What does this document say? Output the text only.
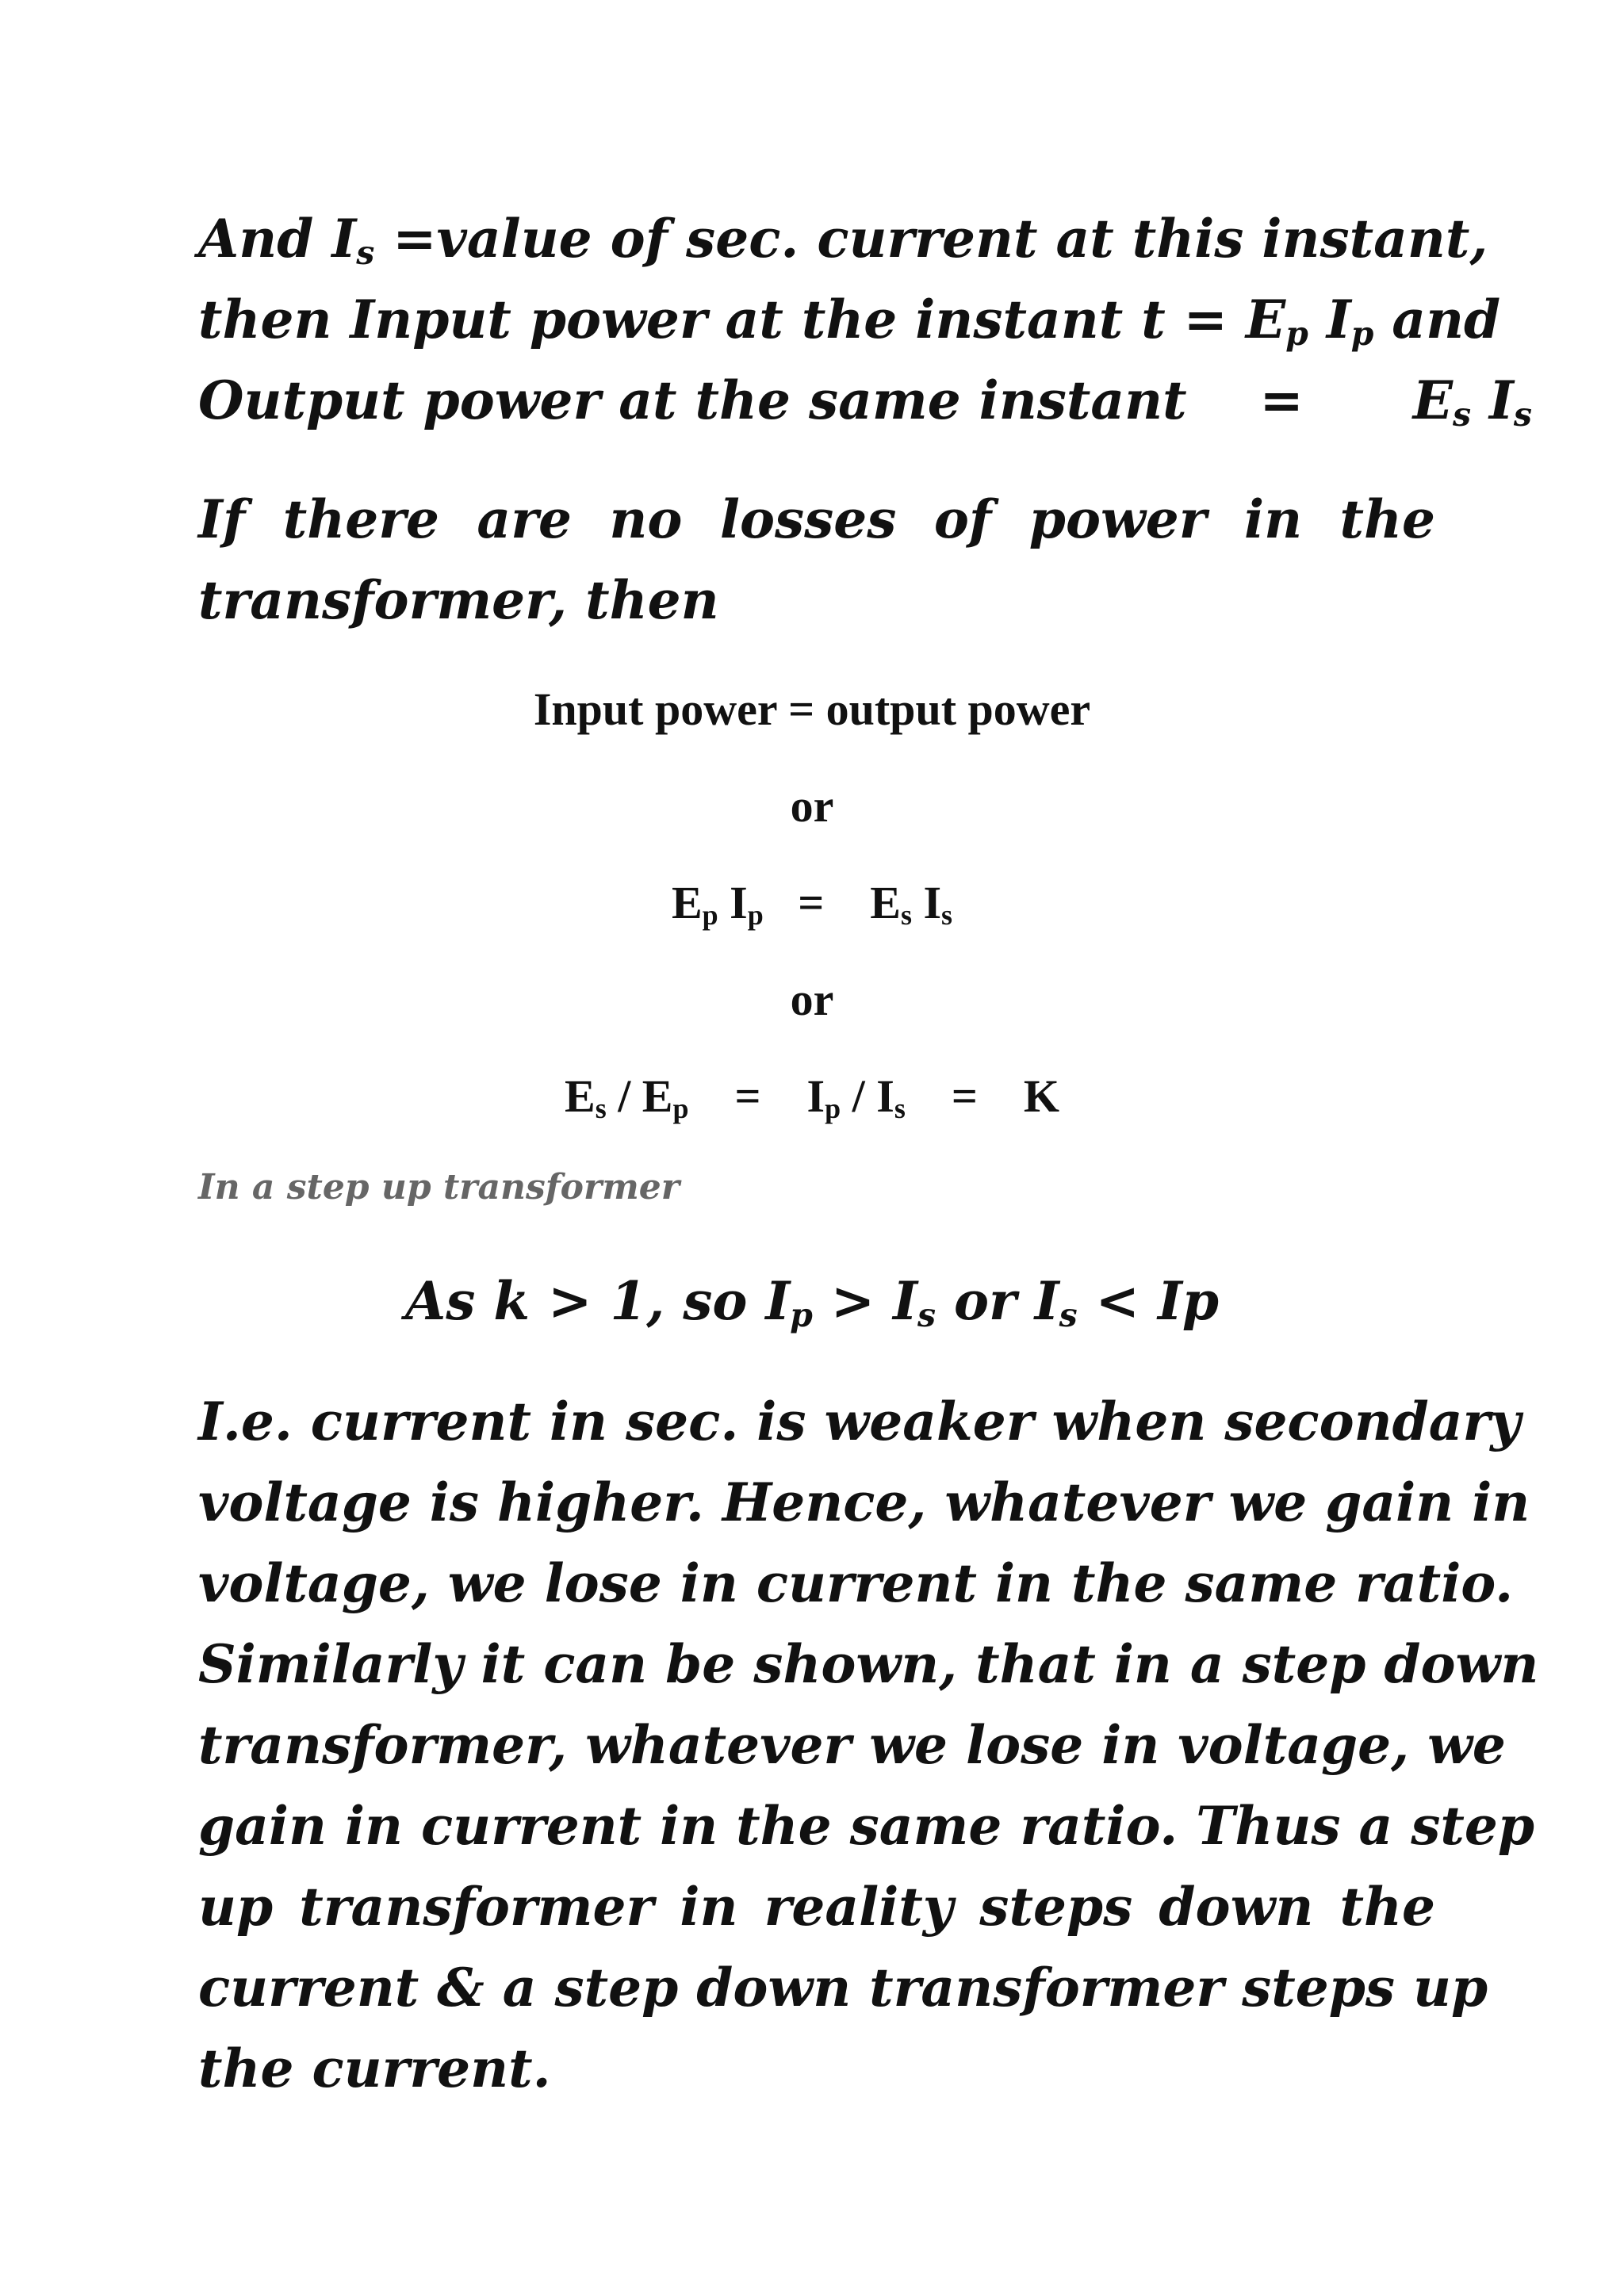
And $I_s$ =value of sec. current at this instant,
then Input power at the instant $t = E_p$ $I_p$ and
Output power at the same instant    =      $E_s$ $I_s$
If there are no losses of power in the
transformer, then
Input power = output power
or
$E_p$ $I_p$   =    $E_s$ $I_s$
or
$E_s / E_p$    =    $I_p / I_s$    =    K
In a step up transformer
As k > 1, so $I_p > I_s$ or $I_s < Ip$
I.e. current in sec. is weaker when secondary
voltage is higher. Hence, whatever we gain in
voltage, we lose in current in the same ratio.
Similarly it can be shown, that in a step down
transformer, whatever we lose in voltage, we
gain in current in the same ratio. Thus a step
up transformer in reality steps down the
current & a step down transformer steps up
the current.
